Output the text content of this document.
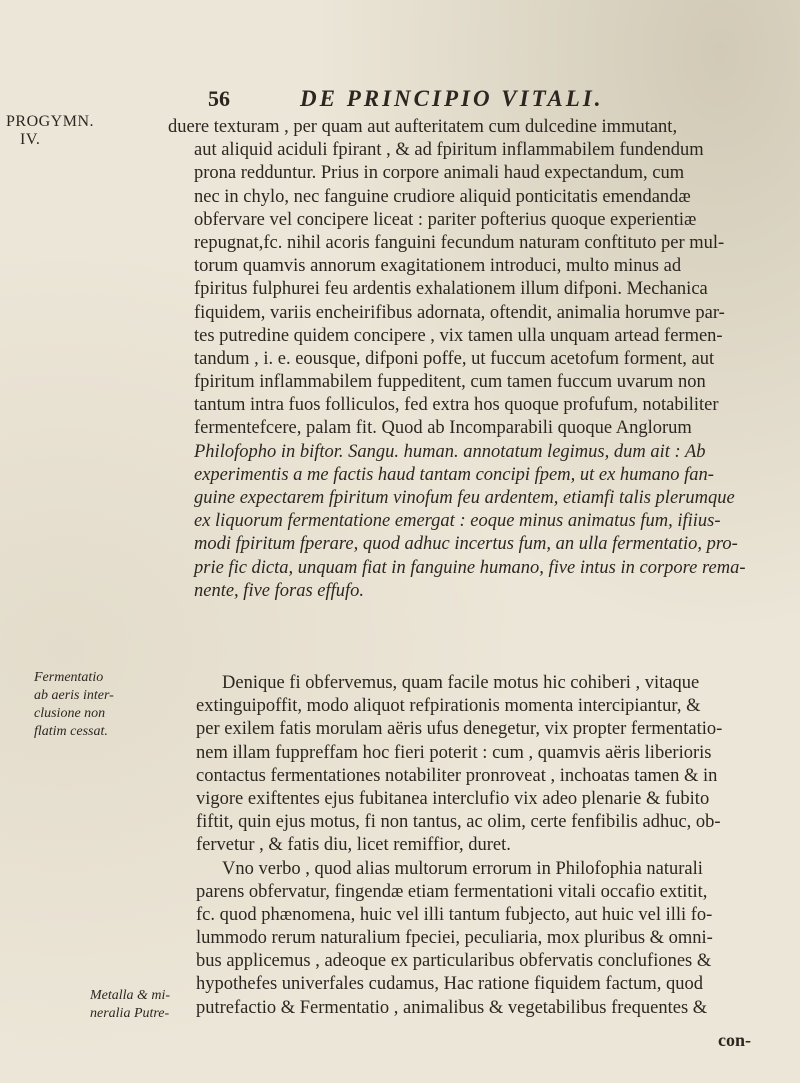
56	DE PRINCIPIO VITALI.
PROGYMN.
IV.
duere texturam , per quam aut aufteritatem cum dulcedine immutant,
aut aliquid aciduli fpirant , & ad fpiritum inflammabilem fundendum
prona redduntur. Prius in corpore animali haud expectandum, cum
nec in chylo, nec fanguine crudiore aliquid ponticitatis emendandæ
obfervare vel concipere liceat : pariter pofterius quoque experientiæ
repugnat,fc. nihil acoris fanguini fecundum naturam conftituto per mul-
torum quamvis annorum exagitationem introduci, multo minus ad
fpiritus fulphurei feu ardentis exhalationem illum difponi. Mechanica
fiquidem, variis encheirifibus adornata, oftendit, animalia horumve par-
tes putredine quidem concipere , vix tamen ulla unquam artead fermen-
tandum , i. e. eousque, difponi poffe, ut fuccum acetofum forment, aut
fpiritum inflammabilem fuppeditent, cum tamen fuccum uvarum non
tantum intra fuos folliculos, fed extra hos quoque profufum, notabiliter
fermentefcere, palam fit. Quod ab Incomparabili quoque Anglorum
Philofopho in biftor. Sangu. human. annotatum legimus, dum ait : Ab
experimentis a me factis haud tantam concipi fpem, ut ex humano fan-
guine expectarem fpiritum vinofum feu ardentem, etiamfi talis plerumque
ex liquorum fermentatione emergat : eoque minus animatus fum, ifiius-
modi fpiritum fperare, quod adhuc incertus fum, an ulla fermentatio, pro-
prie fic dicta, unquam fiat in fanguine humano, five intus in corpore rema-
nente, five foras effufo.
Fermentatio
ab aeris inter-
clusione non
flatim cessat.
Denique fi obfervemus, quam facile motus hic cohiberi , vitaque
extinguipoffit, modo aliquot refpirationis momenta intercipiantur, &
per exilem fatis morulam aëris ufus denegetur, vix propter fermentatio-
nem illam fuppreffam hoc fieri poterit : cum , quamvis aëris liberioris
contactus fermentationes notabiliter pronroveat , inchoatas tamen & in
vigore exiftentes ejus fubitanea interclufio vix adeo plenarie & fubito
fiftit, quin ejus motus, fi non tantus, ac olim, certe fenfibilis adhuc, ob-
fervetur , & fatis diu, licet remiffior, duret.
Vno verbo , quod alias multorum errorum in Philofophia naturali
parens obfervatur, fingendæ etiam fermentationi vitali occafio extitit,
fc. quod phænomena, huic vel illi tantum fubjecto, aut huic vel illi fo-
lummodo rerum naturalium fpeciei, peculiaria, mox pluribus & omni-
bus applicemus , adeoque ex particularibus obfervatis conclufiones &
hypothefes univerfales cudamus, Hac ratione fiquidem factum, quod
putrefactio & Fermentatio , animalibus & vegetabilibus frequentes &
Metalla & mi-
neralia Putre-
con-
